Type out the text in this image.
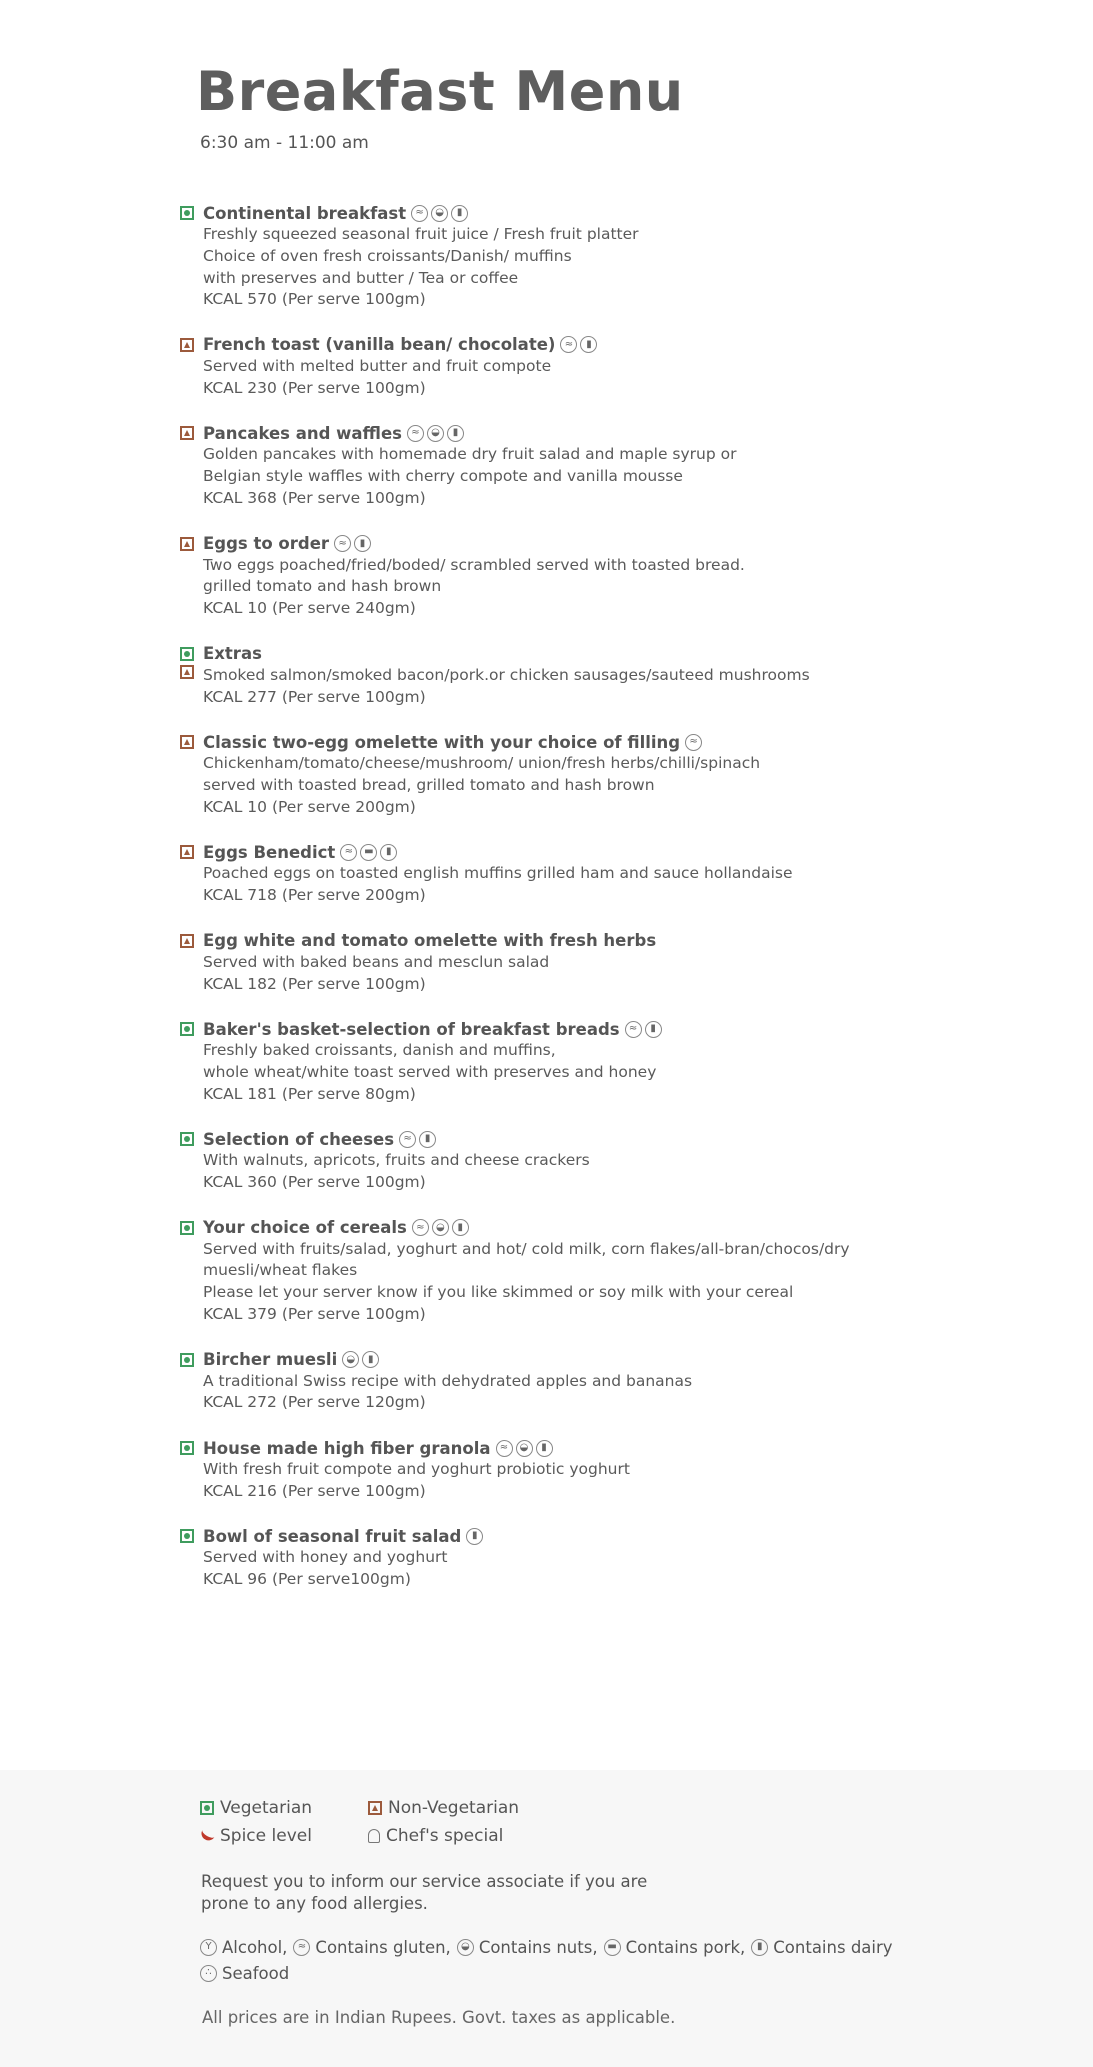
Breakfast Menu
6:30 am - 11:00 am
Continental breakfast ≈	◒	▮
Freshly squeezed seasonal fruit juice / Fresh fruit platter
Choice of oven fresh croissants/Danish/ muffins
with preserves and butter / Tea or coffee
KCAL 570 (Per serve 100gm)
French toast (vanilla bean/ chocolate) ≈	▮
Served with melted butter and fruit compote
KCAL 230 (Per serve 100gm)
Pancakes and waffles ≈	◒	▮
Golden pancakes with homemade dry fruit salad and maple syrup or
Belgian style waffles with cherry compote and vanilla mousse
KCAL 368 (Per serve 100gm)
Eggs to order ≈	▮
Two eggs poached/fried/boded/ scrambled served with toasted bread.
grilled tomato and hash brown
KCAL 10 (Per serve 240gm)
Extras
Smoked salmon/smoked bacon/pork.or chicken sausages/sauteed mushrooms
KCAL 277 (Per serve 100gm)
Classic two-egg omelette with your choice of filling ≈
Chickenham/tomato/cheese/mushroom/ union/fresh herbs/chilli/spinach
served with toasted bread, grilled tomato and hash brown
KCAL 10 (Per serve 200gm)
Eggs Benedict ≈	▬	▮
Poached eggs on toasted english muffins grilled ham and sauce hollandaise
KCAL 718 (Per serve 200gm)
Egg white and tomato omelette with fresh herbs
Served with baked beans and mesclun salad
KCAL 182 (Per serve 100gm)
Baker's basket-selection of breakfast breads ≈	▮
Freshly baked croissants, danish and muffins,
whole wheat/white toast served with preserves and honey
KCAL 181 (Per serve 80gm)
Selection of cheeses ≈	▮
With walnuts, apricots, fruits and cheese crackers
KCAL 360 (Per serve 100gm)
Your choice of cereals ≈	◒	▮
Served with fruits/salad, yoghurt and hot/ cold milk, corn flakes/all-bran/chocos/dry
muesli/wheat flakes
Please let your server know if you like skimmed or soy milk with your cereal
KCAL 379 (Per serve 100gm)
Bircher muesli ◒	▮
A traditional Swiss recipe with dehydrated apples and bananas
KCAL 272 (Per serve 120gm)
House made high fiber granola ≈	◒	▮
With fresh fruit compote and yoghurt probiotic yoghurt
KCAL 216 (Per serve 100gm)
Bowl of seasonal fruit salad	▮
Served with honey and yoghurt
KCAL 96 (Per serve100gm)
Vegetarian	Non-Vegetarian
Spice level	Chef's special
Request you to inform our service associate if you are prone to any food allergies.
Y Alcohol,	≈ Contains gluten,	◒ Contains nuts, ▬ Contains pork,	▮ Contains dairy
∴ Seafood
All prices are in Indian Rupees. Govt. taxes as applicable.
